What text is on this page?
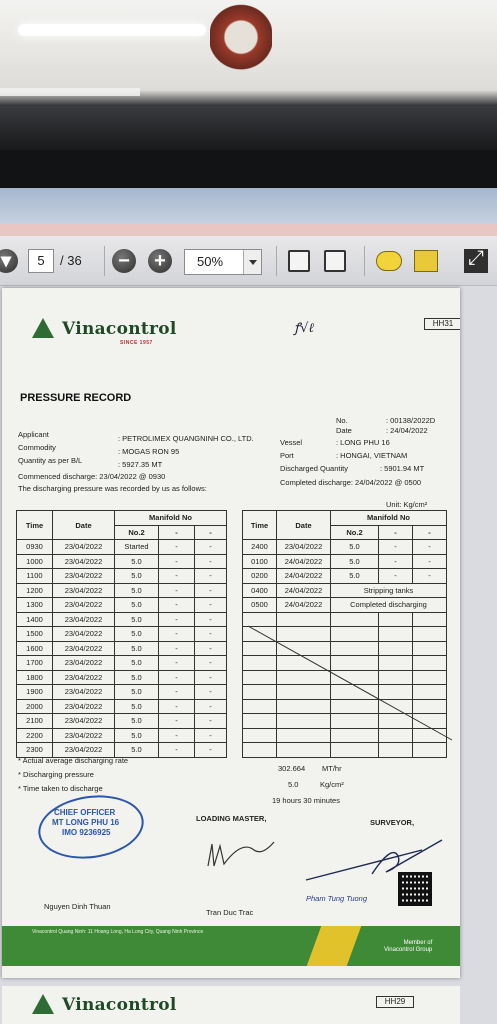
▾	5	/ 36	−	+	50%
⤢
Vinacontrol
SINCE 1957
ꝭ√ℓ	HH31
PRESSURE RECORD
No.	: 00138/2022D
Date	: 24/04/2022
Applicant	: PETROLIMEX QUANGNINH CO., LTD.
Commodity	: MOGAS RON 95
Quantity as per B/L	: 5927.35 MT
Commenced discharge: 23/04/2022 @ 0930
The discharging pressure was recorded by us as follows:
Vessel	: LONG PHU 16
Port	: HONGAI, VIETNAM
Discharged Quantity	: 5901.94 MT
Completed discharge: 24/04/2022 @ 0500
Unit: Kg/cm²
Time	Date	Manifold No		
		No.2	-	-
0930	23/04/2022	Started	-	-
1000	23/04/2022	5.0	-	-
1100	23/04/2022	5.0	-	-
1200	23/04/2022	5.0	-	-
1300	23/04/2022	5.0	-	-
1400	23/04/2022	5.0	-	-
1500	23/04/2022	5.0	-	-
1600	23/04/2022	5.0	-	-
1700	23/04/2022	5.0	-	-
1800	23/04/2022	5.0	-	-
1900	23/04/2022	5.0	-	-
2000	23/04/2022	5.0	-	-
2100	23/04/2022	5.0	-	-
2200	23/04/2022	5.0	-	-
2300	23/04/2022	5.0	-	-
Time	Date	Manifold No		
		No.2	-	-
2400	23/04/2022	5.0	-	-
0100	24/04/2022	5.0	-	-
0200	24/04/2022	5.0	-	-
0400	24/04/2022	Stripping tanks		
0500	24/04/2022	Completed discharging		

* Actual average discharging rate
302.664 MT/hr
* Discharging pressure
5.0	Kg/cm²
* Time taken to discharge
19 hours 30 minutes
CHIEF OFFICER
MT LONG PHU 16
IMO 9236925
LOADING MASTER,	SURVEYOR,
Nguyen Dinh Thuan
Tran Duc Trac
Pham Tung Tuong
Vinacontrol Quang Ninh: 11 Hoang Long, Ha Long City, Quang Ninh Province
Member of
Vinacontrol Group
Vinacontrol	HH29
